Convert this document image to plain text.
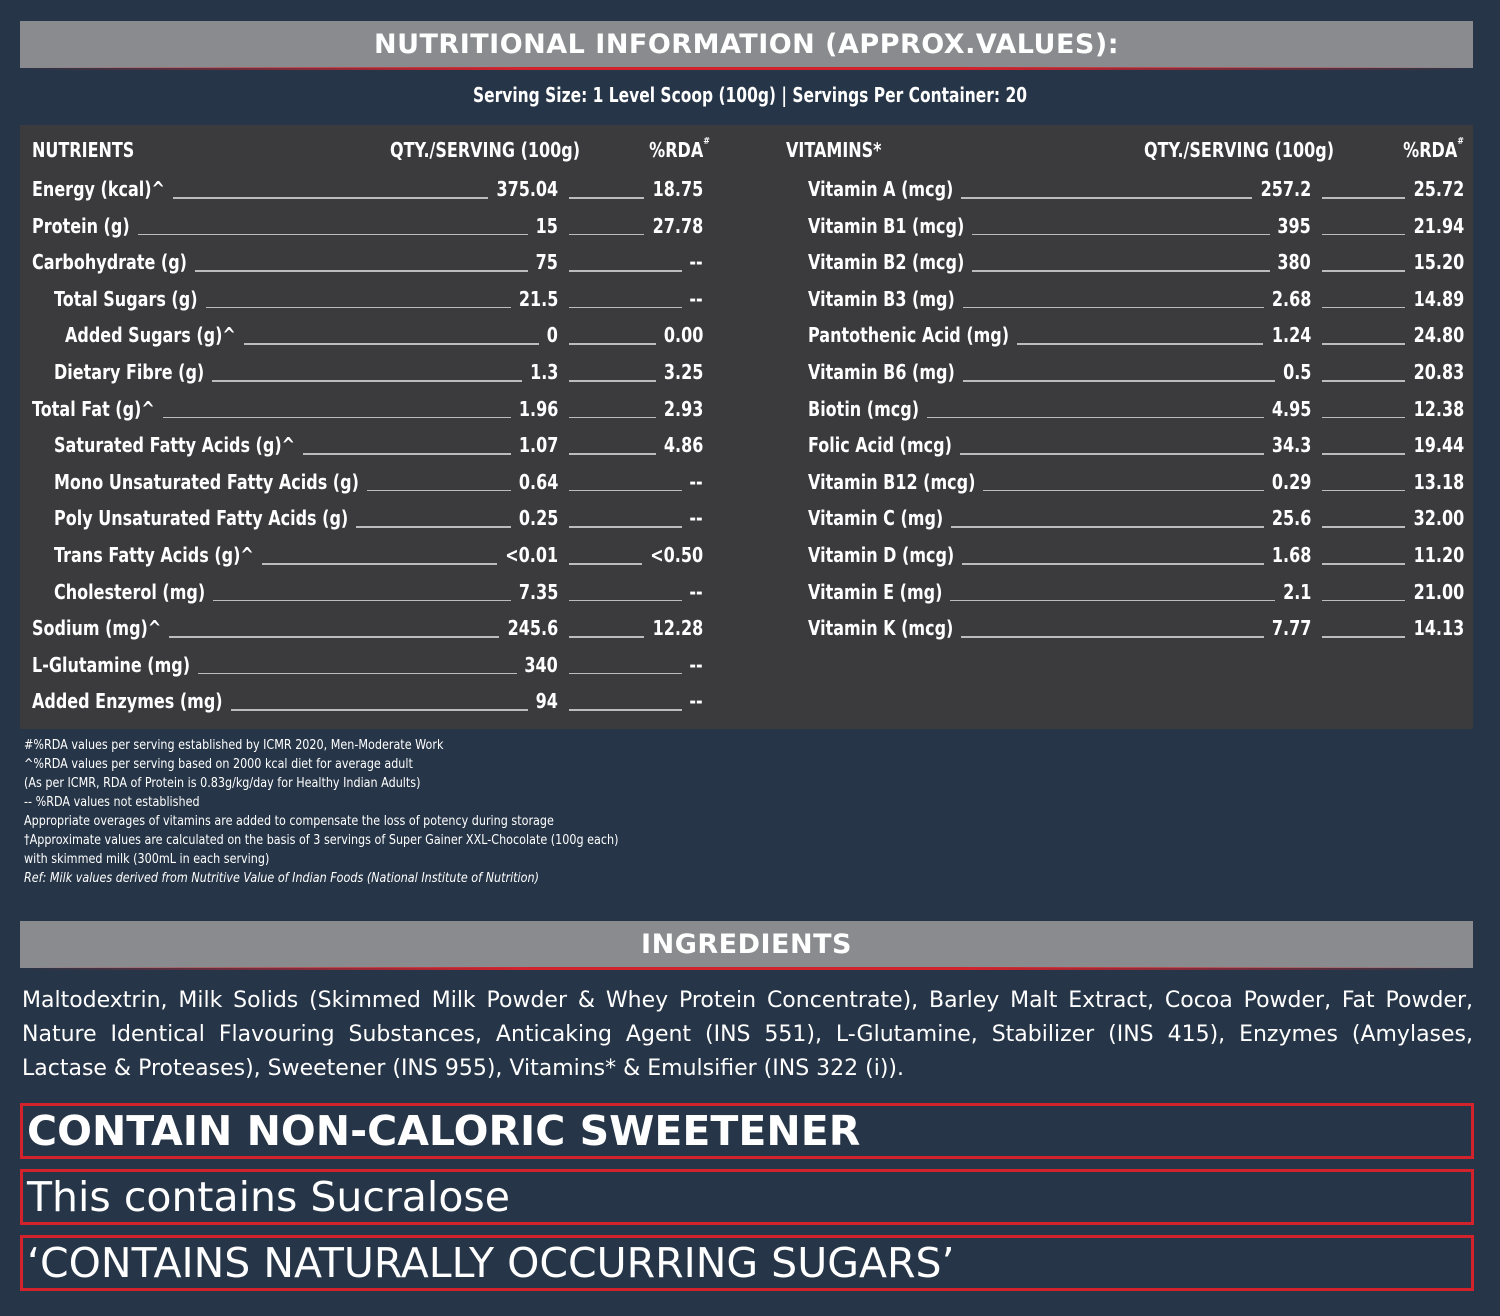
NUTRITIONAL INFORMATION (APPROX.VALUES):
Serving Size: 1 Level Scoop (100g) | Servings Per Container: 20
NUTRIENTS	QTY./SERVING (100g)	%RDA#	VITAMINS*	QTY./SERVING (100g)	%RDA#
Energy (kcal)^	375.04	18.75
Protein (g)	15	27.78
Carbohydrate (g)	75	--
Total Sugars (g)	21.5	--
Added Sugars (g)^	0	0.00
Dietary Fibre (g)	1.3	3.25
Total Fat (g)^	1.96	2.93
Saturated Fatty Acids (g)^	1.07	4.86
Mono Unsaturated Fatty Acids (g)	0.64	--
Poly Unsaturated Fatty Acids (g)	0.25	--
Trans Fatty Acids (g)^	<0.01	<0.50
Cholesterol (mg)	7.35	--
Sodium (mg)^	245.6	12.28
L-Glutamine (mg)	340	--
Added Enzymes (mg)	94	--
Vitamin A (mcg)	257.2	25.72
Vitamin B1 (mcg)	395	21.94
Vitamin B2 (mcg)	380	15.20
Vitamin B3 (mg)	2.68	14.89
Pantothenic Acid (mg)	1.24	24.80
Vitamin B6 (mg)	0.5	20.83
Biotin (mcg)	4.95	12.38
Folic Acid (mcg)	34.3	19.44
Vitamin B12 (mcg)	0.29	13.18
Vitamin C (mg)	25.6	32.00
Vitamin D (mcg)	1.68	11.20
Vitamin E (mg)	2.1	21.00
Vitamin K (mcg)	7.77	14.13
#%RDA values per serving established by ICMR 2020, Men-Moderate Work
^%RDA values per serving based on 2000 kcal diet for average adult
(As per ICMR, RDA of Protein is 0.83g/kg/day for Healthy Indian Adults)
-- %RDA values not established
Appropriate overages of vitamins are added to compensate the loss of potency during storage
†Approximate values are calculated on the basis of 3 servings of Super Gainer XXL-Chocolate (100g each)
with skimmed milk (300mL in each serving)
Ref: Milk values derived from Nutritive Value of Indian Foods (National Institute of Nutrition)
INGREDIENTS
Maltodextrin, Milk Solids (Skimmed Milk Powder & Whey Protein Concentrate), Barley Malt Extract, Cocoa Powder, Fat Powder, Nature Identical Flavouring Substances, Anticaking Agent (INS 551), L-Glutamine, Stabilizer (INS 415), Enzymes (Amylases, Lactase & Proteases), Sweetener (INS 955), Vitamins* & Emulsifier (INS 322 (i)).
CONTAIN NON-CALORIC SWEETENER
This contains Sucralose
‘CONTAINS NATURALLY OCCURRING SUGARS’
